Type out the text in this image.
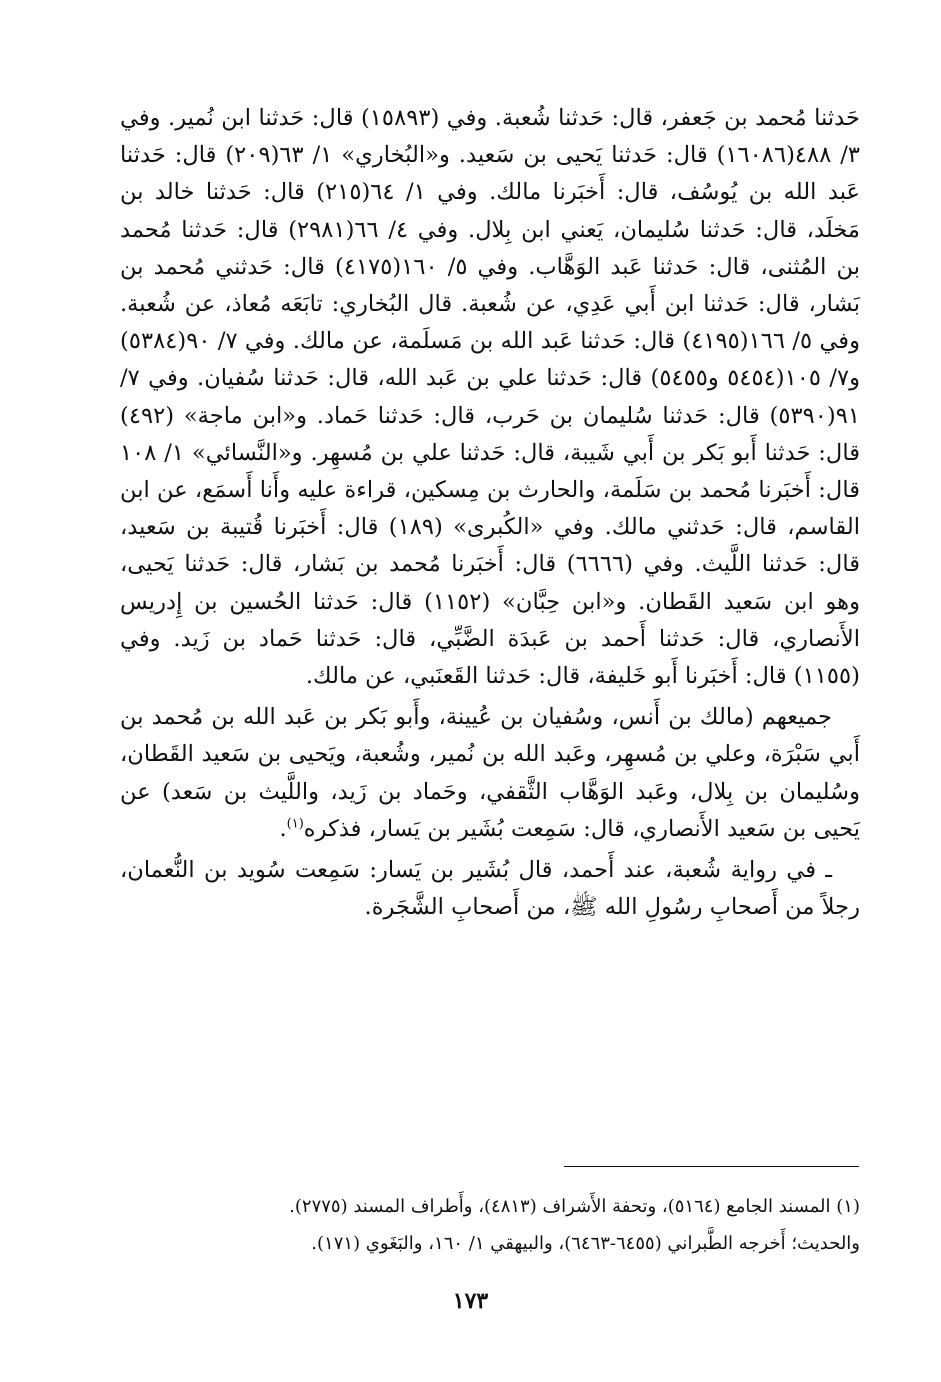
حَدثنا مُحمد بن جَعفر، قال: حَدثنا شُعبة. وفي (١٥٨٩٣) قال: حَدثنا ابن نُمير. وفي ٣/ ٤٨٨(١٦٠٨٦) قال: حَدثنا يَحيى بن سَعيد. و«البُخاري» ١/ ٦٣(٢٠٩) قال: حَدثنا عَبد الله بن يُوسُف، قال: أَخبَرنا مالك. وفي ١/ ٦٤(٢١٥) قال: حَدثنا خالد بن مَخلَد، قال: حَدثنا سُليمان، يَعني ابن بِلال. وفي ٤/ ٦٦(٢٩٨١) قال: حَدثنا مُحمد بن المُثنى، قال: حَدثنا عَبد الوَهَّاب. وفي ٥/ ١٦٠(٤١٧٥) قال: حَدثني مُحمد بن بَشار، قال: حَدثنا ابن أَبي عَدِي، عن شُعبة. قال البُخاري: تابَعَه مُعاذ، عن شُعبة. وفي ٥/ ١٦٦(٤١٩٥) قال: حَدثنا عَبد الله بن مَسلَمة، عن مالك. وفي ٧/ ٩٠(٥٣٨٤) و٧/ ١٠٥(٥٤٥٤ و٥٤٥٥) قال: حَدثنا علي بن عَبد الله، قال: حَدثنا سُفيان. وفي ٧/ ٩١(٥٣٩٠) قال: حَدثنا سُليمان بن حَرب، قال: حَدثنا حَماد. و«ابن ماجة» (٤٩٢) قال: حَدثنا أَبو بَكر بن أَبي شَيبة، قال: حَدثنا علي بن مُسهِر. و«النَّسائي» ١/ ١٠٨ قال: أَخبَرنا مُحمد بن سَلَمة، والحارث بن مِسكين، قراءة عليه وأَنا أَسمَع، عن ابن القاسم، قال: حَدثني مالك. وفي «الكُبرى» (١٨٩) قال: أَخبَرنا قُتيبة بن سَعيد، قال: حَدثنا اللَّيث. وفي (٦٦٦٦) قال: أَخبَرنا مُحمد بن بَشار، قال: حَدثنا يَحيى، وهو ابن سَعيد القَطان. و«ابن حِبَّان» (١١٥٢) قال: حَدثنا الحُسين بن إِدريس الأَنصاري، قال: حَدثنا أَحمد بن عَبدَة الضَّبِّي، قال: حَدثنا حَماد بن زَيد. وفي (١١٥٥) قال: أَخبَرنا أَبو خَليفة، قال: حَدثنا القَعنَبي، عن مالك.

جميعهم (مالك بن أَنس، وسُفيان بن عُيينة، وأَبو بَكر بن عَبد الله بن مُحمد بن أَبي سَبْرَة، وعلي بن مُسهِر، وعَبد الله بن نُمير، وشُعبة، ويَحيى بن سَعيد القَطان، وسُليمان بن بِلال، وعَبد الوَهَّاب الثَّقفي، وحَماد بن زَيد، واللَّيث بن سَعد) عن يَحيى بن سَعيد الأَنصاري، قال: سَمِعت بُشَير بن يَسار، فذكره$^{(١)}$.

ـ في رواية شُعبة، عند أَحمد، قال بُشَير بن يَسار: سَمِعت سُويد بن النُّعمان، رجلاً من أَصحابِ رسُولِ الله ﷺ، من أَصحابِ الشَّجَرة.

(١) المسند الجامع (٥١٦٤)، وتحفة الأَشراف (٤٨١٣)، وأَطراف المسند (٢٧٧٥).

والحديث؛ أَخرجه الطَّبراني (٦٤٥٥-٦٤٦٣)، والبيهقي ١/ ١٦٠، والبَغَوي (١٧١).

١٧٣
